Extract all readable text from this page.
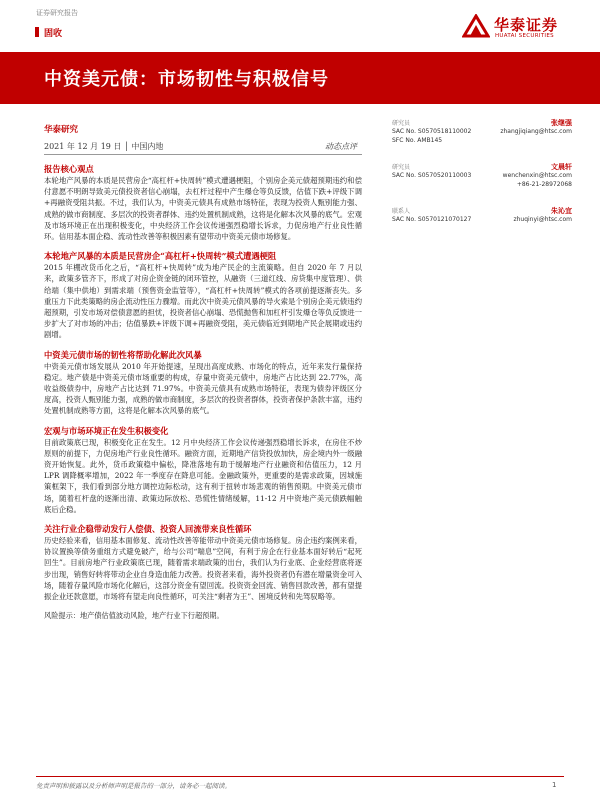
证券研究报告
固收	华泰证券
HUATAI SECURITIES
中资美元债：市场韧性与积极信号
华泰研究
2021 年 12 月 19 日 │ 中国内地	动态点评
研究员	张继强
SAC No. S0570518110002	zhangjiqiang@htsc.com
SFC No. AMB145
研究员	文晨轩
SAC No. S0570520110003	wenchenxin@htsc.com
+86-21-28972068
联系人	朱沁宜
SAC No. S0570121070127	zhuqinyi@htsc.com
报告核心观点
本轮地产风暴的本质是民营房企“高杠杆+快周转”模式遭遇梗阻，个别房企美元债超预期违约和偿付意愿不明朗导致美元债投资者信心崩塌，去杠杆过程中产生爆仓等负反馈，估值下跌+评级下调+再融资受阻共振。不过，我们认为，中资美元债具有成熟市场特征，表现为投资人甄别能力强、成熟的做市商制度、多层次的投资者群体、违约处置机制成熟，这将是化解本次风暴的底气。宏观及市场环境正在出现积极变化，中央经济工作会议传递强烈稳增长诉求，力促房地产行业良性循环。信用基本面企稳、流动性改善等积极因素有望带动中资美元债市场修复。
本轮地产风暴的本质是民营房企“高杠杆+快周转”模式遭遇梗阻
2015 年棚改货币化之后，“高杠杆+快周转”成为地产民企的主流策略。但自 2020 年 7 月以来，政策多管齐下，形成了对房企资金链的闭环管控，从融资（三道红线、房贷集中度管理）、供给端（集中供地）到需求端（预售资金监管等），“高杠杆+快周转”模式的各项前提逐渐丧失。多重压力下此类策略的房企流动性压力骤增。而此次中资美元债风暴的导火索是个别房企美元债违约超预期，引发市场对偿债意愿的担忧，投资者信心崩塌、恐慌抛售和加杠杆引发爆仓等负反馈进一步扩大了对市场的冲击；估值暴跌+评级下调+再融资受阻，美元债临近到期地产民企展期或违约剧增。
中资美元债市场的韧性将帮助化解此次风暴
中资美元债市场发展从 2010 年开始提速，呈现出高度成熟、市场化的特点，近年来发行量保持稳定。地产债是中资美元债市场重要的构成，存量中资美元债中，房地产占比达到 22.77%，高收益级债券中，房地产占比达到 71.97%。中资美元债具有成熟市场特征，表现为债券评级区分度高，投资人甄别能力强，成熟的做市商制度，多层次的投资者群体，投资者保护条款丰富，违约处置机制成熟等方面，这将是化解本次风暴的底气。
宏观与市场环境正在发生积极变化
目前政策底已现，积极变化正在发生。12 月中央经济工作会议传递强烈稳增长诉求，在房住不炒原则的前提下，力促房地产行业良性循环。融资方面，近期地产信贷投放加快，房企境内外一级融资开始恢复。此外，货币政策稳中偏松，降准落地有助于缓解地产行业融资和估值压力，12 月 LPR 调降概率增加，2022 年一季度存在降息可能。金融政策外，更重要的是需求政策，因城施策框架下，我们看到部分地方调控边际松动，这有利于扭转市场悲观的销售预期。中资美元债市场，随着杠杆盘的逐渐出清、政策边际放松、恐慌性情绪缓解，11-12 月中资地产美元债跌幅触底后企稳。
关注行业企稳带动发行人偿债、投资人回流带来良性循环
历史经验来看，信用基本面修复、流动性改善等能带动中资美元债市场修复。房企违约案例来看，协议置换等债务重组方式避免破产，给与公司“喘息”空间，有利于房企在行业基本面好转后“起死回生”。目前房地产行业政策底已现，随着需求端政策的出台，我们认为行业底、企业经营底将逐步出现，销售好转将带动企业自身造血能力改善。投资者来看，海外投资者仍有潜在增量资金可入场，随着存量风险市场化化解后，这部分资金有望回流。投资资金回流、销售回款改善，都有望提振企业还款意愿，市场将有望走向良性循环，可关注“剩者为王”、困境反转和先驾驭略等。
风险提示：地产债估值波动风险，地产行业下行超预期。
免责声明和披露以及分析师声明是报告的一部分，请务必一起阅读。	1
